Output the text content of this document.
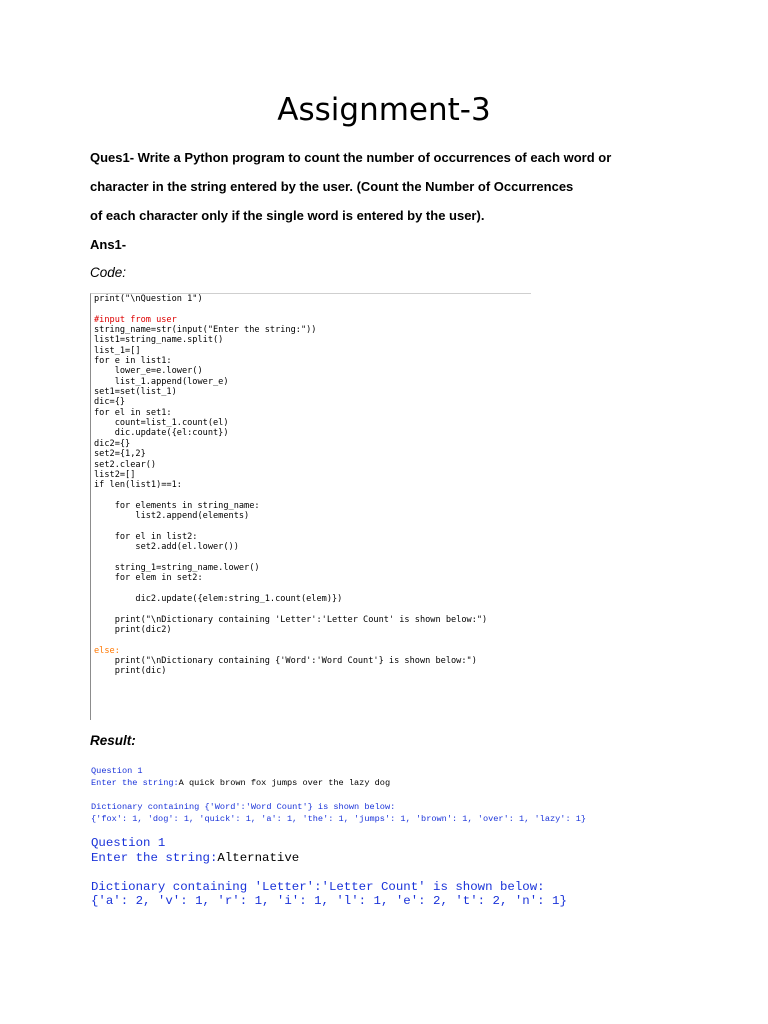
Assignment-3
Ques1- Write a Python program to count the number of occurrences of each word or
character in the string entered by the user. (Count the Number of Occurrences
of each character only if the single word is entered by the user).
Ans1-
Code:
print("\nQuestion 1")

#input from user
string_name=str(input("Enter the string:"))
list1=string_name.split()
list_1=[]
for e in list1:
lower_e=e.lower()
list_1.append(lower_e)
set1=set(list_1)
dic={}
for el in set1:
count=list_1.count(el)
dic.update({el:count})
dic2={}
set2={1,2}
set2.clear()
list2=[]
if len(list1)==1:

for elements in string_name:
list2.append(elements)

for el in list2:
set2.add(el.lower())

string_1=string_name.lower()
for elem in set2:

dic2.update({elem:string_1.count(elem)})

print("\nDictionary containing 'Letter':'Letter Count' is shown below:")
print(dic2)

else:
print("\nDictionary containing {'Word':'Word Count'} is shown below:")
print(dic)
Result:
Question 1
Enter the string:A quick brown fox jumps over the lazy dog

Dictionary containing {'Word':'Word Count'} is shown below:
{'fox': 1, 'dog': 1, 'quick': 1, 'a': 1, 'the': 1, 'jumps': 1, 'brown': 1, 'over': 1, 'lazy': 1}
Question 1
Enter the string:Alternative

Dictionary containing 'Letter':'Letter Count' is shown below:
{'a': 2, 'v': 1, 'r': 1, 'i': 1, 'l': 1, 'e': 2, 't': 2, 'n': 1}
